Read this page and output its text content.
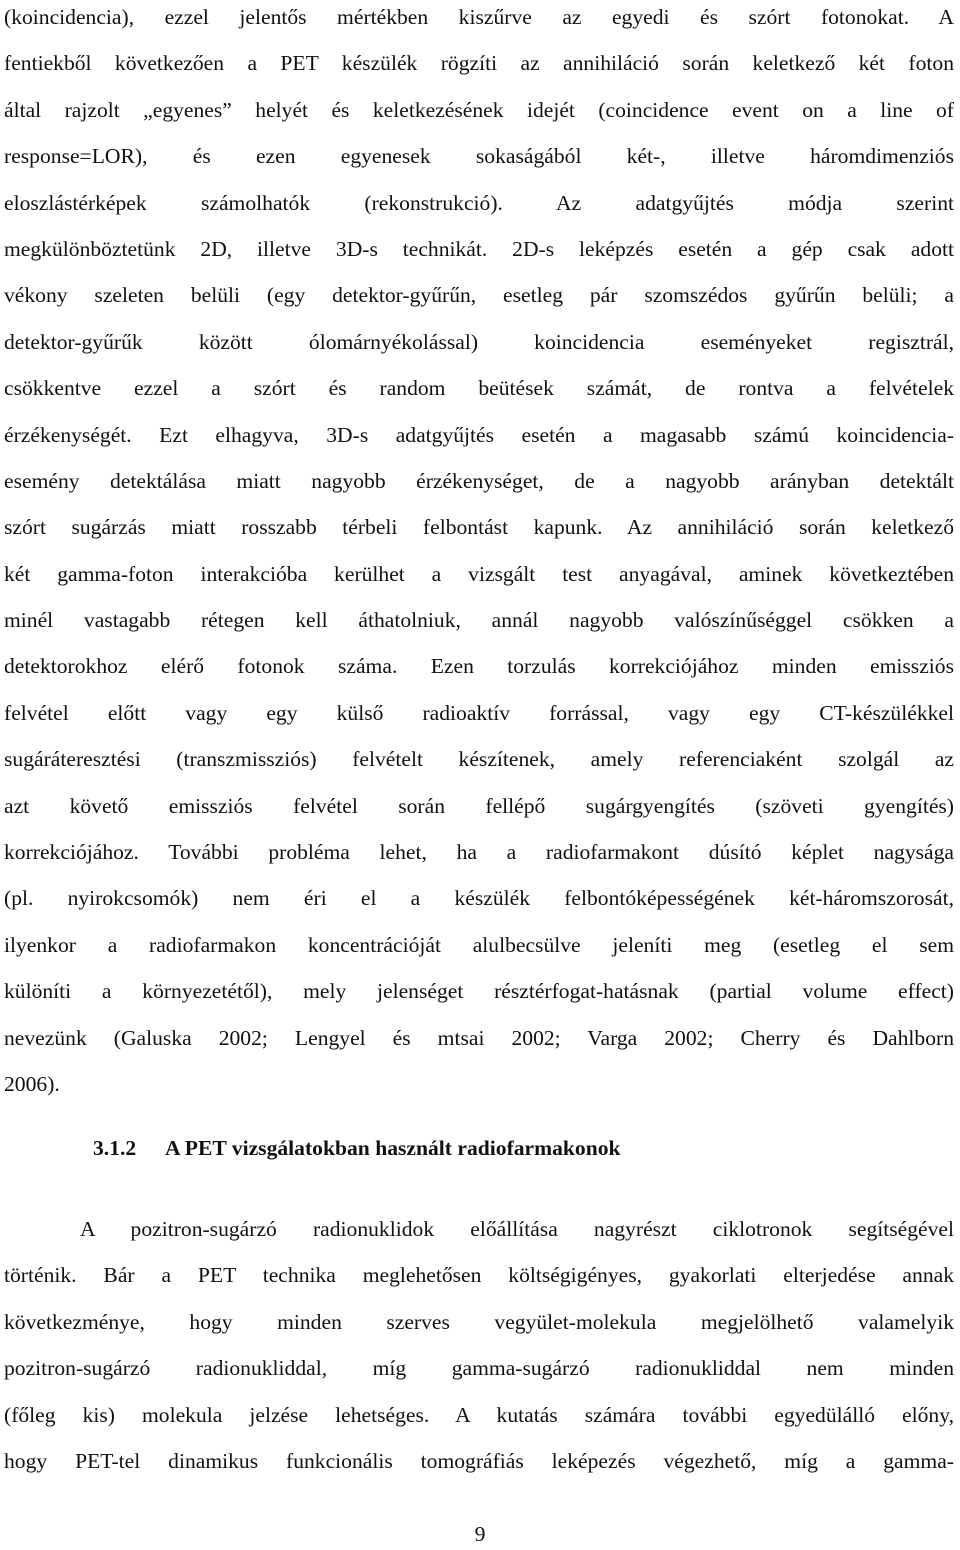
(koincidencia), ezzel jelentős mértékben kiszűrve az egyedi és szórt fotonokat. A
fentiekből következően a PET készülék rögzíti az annihiláció során keletkező két foton
által rajzolt „egyenes” helyét és keletkezésének idejét (coincidence event on a line of
response=LOR), és ezen egyenesek sokaságából két-, illetve háromdimenziós
eloszlástérképek számolhatók (rekonstrukció). Az adatgyűjtés módja szerint
megkülönböztetünk 2D, illetve 3D-s technikát. 2D-s leképzés esetén a gép csak adott
vékony szeleten belüli (egy detektor-gyűrűn, esetleg pár szomszédos gyűrűn belüli; a
detektor-gyűrűk között ólomárnyékolással) koincidencia eseményeket regisztrál,
csökkentve ezzel a szórt és random beütések számát, de rontva a felvételek
érzékenységét. Ezt elhagyva, 3D-s adatgyűjtés esetén a magasabb számú koincidencia-
esemény detektálása miatt nagyobb érzékenységet, de a nagyobb arányban detektált
szórt sugárzás miatt rosszabb térbeli felbontást kapunk. Az annihiláció során keletkező
két gamma-foton interakcióba kerülhet a vizsgált test anyagával, aminek következtében
minél vastagabb rétegen kell áthatolniuk, annál nagyobb valószínűséggel csökken a
detektorokhoz elérő fotonok száma. Ezen torzulás korrekciójához minden emissziós
felvétel előtt vagy egy külső radioaktív forrással, vagy egy CT-készülékkel
sugáráteresztési (transzmissziós) felvételt készítenek, amely referenciaként szolgál az
azt követő emissziós felvétel során fellépő sugárgyengítés (szöveti gyengítés)
korrekciójához. További probléma lehet, ha a radiofarmakont dúsító képlet nagysága
(pl. nyirokcsomók) nem éri el a készülék felbontóképességének két-háromszorosát,
ilyenkor a radiofarmakon koncentrációját alulbecsülve jeleníti meg (esetleg el sem
különíti a környezetétől), mely jelenséget résztérfogat-hatásnak (partial volume effect)
nevezünk (Galuska 2002; Lengyel és mtsai 2002; Varga 2002; Cherry és Dahlborn
2006).
3.1.2 A PET vizsgálatokban használt radiofarmakonok
A pozitron-sugárzó radionuklidok előállítása nagyrészt ciklotronok segítségével
történik. Bár a PET technika meglehetősen költségigényes, gyakorlati elterjedése annak
következménye, hogy minden szerves vegyület-molekula megjelölhető valamelyik
pozitron-sugárzó radionukliddal, míg gamma-sugárzó radionukliddal nem minden
(főleg kis) molekula jelzése lehetséges. A kutatás számára további egyedülálló előny,
hogy PET-tel dinamikus funkcionális tomográfiás leképezés végezhető, míg a gamma-
9
